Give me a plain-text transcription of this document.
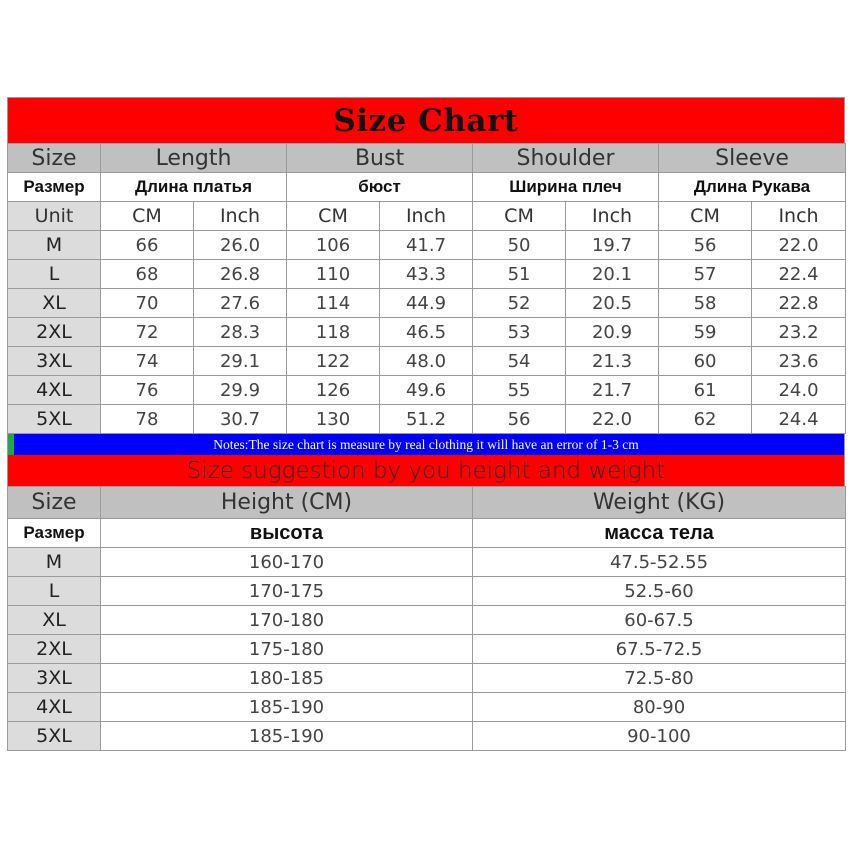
Size Chart
Size	Length		Bust		Shoulder		Sleeve	
Размер	Длина платья		бюст		Ширина плеч		Длина Рукава	
Unit	CM	Inch	CM	Inch	CM	Inch	CM	Inch
M	66	26.0	106	41.7	50	19.7	56	22.0
L	68	26.8	110	43.3	51	20.1	57	22.4
XL	70	27.6	114	44.9	52	20.5	58	22.8
2XL	72	28.3	118	46.5	53	20.9	59	23.2
3XL	74	29.1	122	48.0	54	21.3	60	23.6
4XL	76	29.9	126	49.6	55	21.7	61	24.0
5XL	78	30.7	130	51.2	56	22.0	62	24.4
Notes:The size chart is measure by real clothing it will have an error of 1-3 cm
Size suggestion by you height and weight
Size	Height (CM)	Weight (KG)
Размер	высота	масса тела
M	160-170	47.5-52.55
L	170-175	52.5-60
XL	170-180	60-67.5
2XL	175-180	67.5-72.5
3XL	180-185	72.5-80
4XL	185-190	80-90
5XL	185-190	90-100
